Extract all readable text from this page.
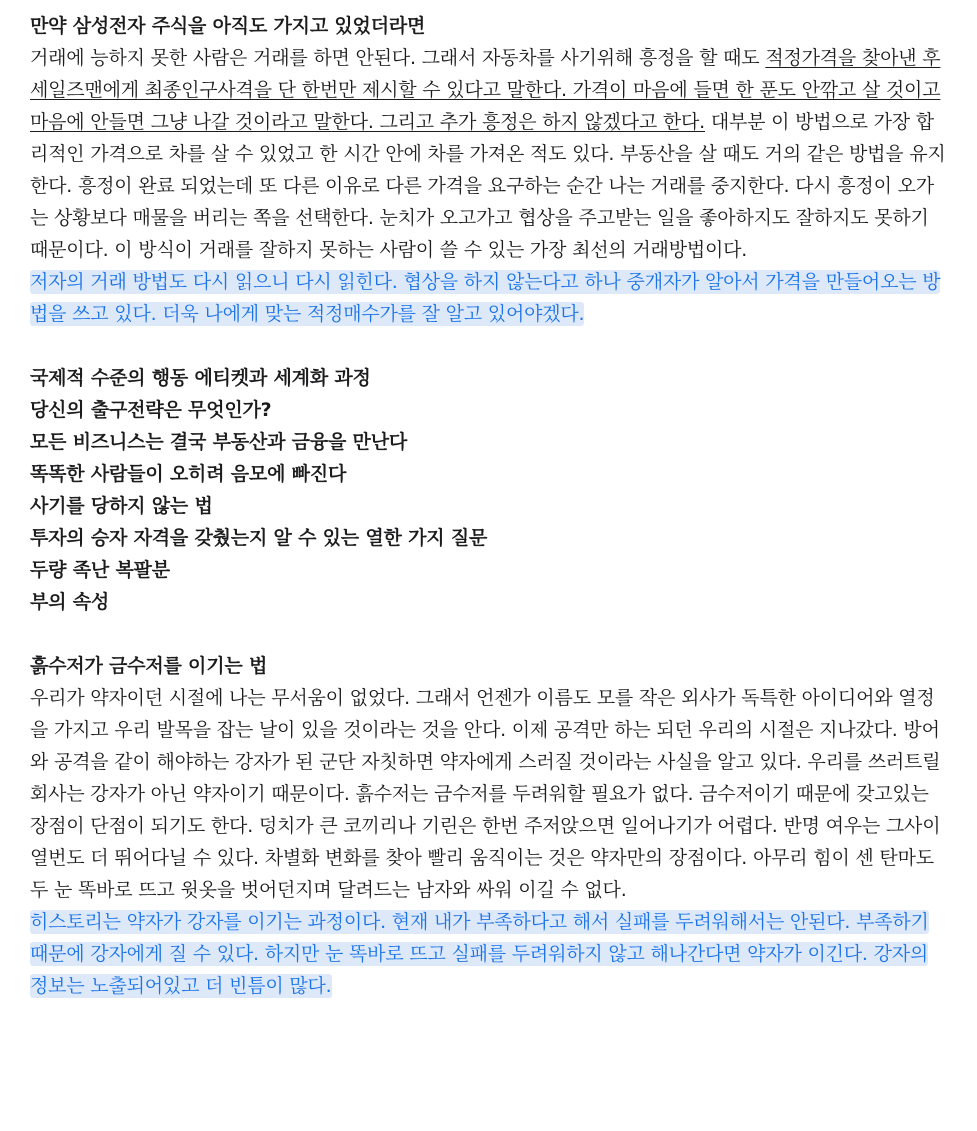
만약 삼성전자 주식을 아직도 가지고 있었더라면

거래에 능하지 못한 사람은 거래를 하면 안된다. 그래서 자동차를 사기위해 흥정을 할 때도 적정가격을 찾아낸 후 세일즈맨에게 최종인구사격을 단 한번만 제시할 수 있다고 말한다. 가격이 마음에 들면 한 푼도 안깎고 살 것이고 마음에 안들면 그냥 나갈 것이라고 말한다. 그리고 추가 흥정은 하지 않겠다고 한다. 대부분 이 방법으로 가장 합리적인 가격으로 차를 살 수 있었고 한 시간 안에 차를 가져온 적도 있다. 부동산을 살 때도 거의 같은 방법을 유지한다. 흥정이 완료 되었는데 또 다른 이유로 다른 가격을 요구하는 순간 나는 거래를 중지한다. 다시 흥정이 오가는 상황보다 매물을 버리는 쪽을 선택한다. 눈치가 오고가고 협상을 주고받는 일을 좋아하지도 잘하지도 못하기 때문이다. 이 방식이 거래를 잘하지 못하는 사람이 쓸 수 있는 가장 최선의 거래방법이다.

저자의 거래 방법도 다시 읽으니 다시 읽힌다. 협상을 하지 않는다고 하나 중개자가 알아서 가격을 만들어오는 방법을 쓰고 있다. 더욱 나에게 맞는 적정매수가를 잘 알고 있어야겠다.

국제적 수준의 행동 에티켓과 세계화 과정

당신의 출구전략은 무엇인가?

모든 비즈니스는 결국 부동산과 금융을 만난다

똑똑한 사람들이 오히려 음모에 빠진다

사기를 당하지 않는 법

투자의 승자 자격을 갖췄는지 알 수 있는 열한 가지 질문

두량 족난 복팔분

부의 속성

흙수저가 금수저를 이기는 법

우리가 약자이던 시절에 나는 무서움이 없었다. 그래서 언젠가 이름도 모를 작은 외사가 독특한 아이디어와 열정을 가지고 우리 발목을 잡는 날이 있을 것이라는 것을 안다. 이제 공격만 하는 되던 우리의 시절은 지나갔다. 방어와 공격을 같이 해야하는 강자가 된 군단 자칫하면 약자에게 스러질 것이라는 사실을 알고 있다. 우리를 쓰러트릴 회사는 강자가 아닌 약자이기 때문이다. 흙수저는 금수저를 두려워할 필요가 없다. 금수저이기 때문에 갖고있는 장점이 단점이 되기도 한다. 덩치가 큰 코끼리나 기린은 한번 주저앉으면 일어나기가 어렵다. 반명 여우는 그사이 열번도 더 뛰어다닐 수 있다. 차별화 변화를 찾아 빨리 움직이는 것은 약자만의 장점이다. 아무리 힘이 센 탄마도 두 눈 똑바로 뜨고 윗옷을 벗어던지며 달려드는 남자와 싸워 이길 수 없다.

히스토리는 약자가 강자를 이기는 과정이다. 현재 내가 부족하다고 해서 실패를 두려워해서는 안된다. 부족하기 때문에 강자에게 질 수 있다. 하지만 눈 똑바로 뜨고 실패를 두려워하지 않고 해나간다면 약자가 이긴다. 강자의 정보는 노출되어있고 더 빈틈이 많다.
